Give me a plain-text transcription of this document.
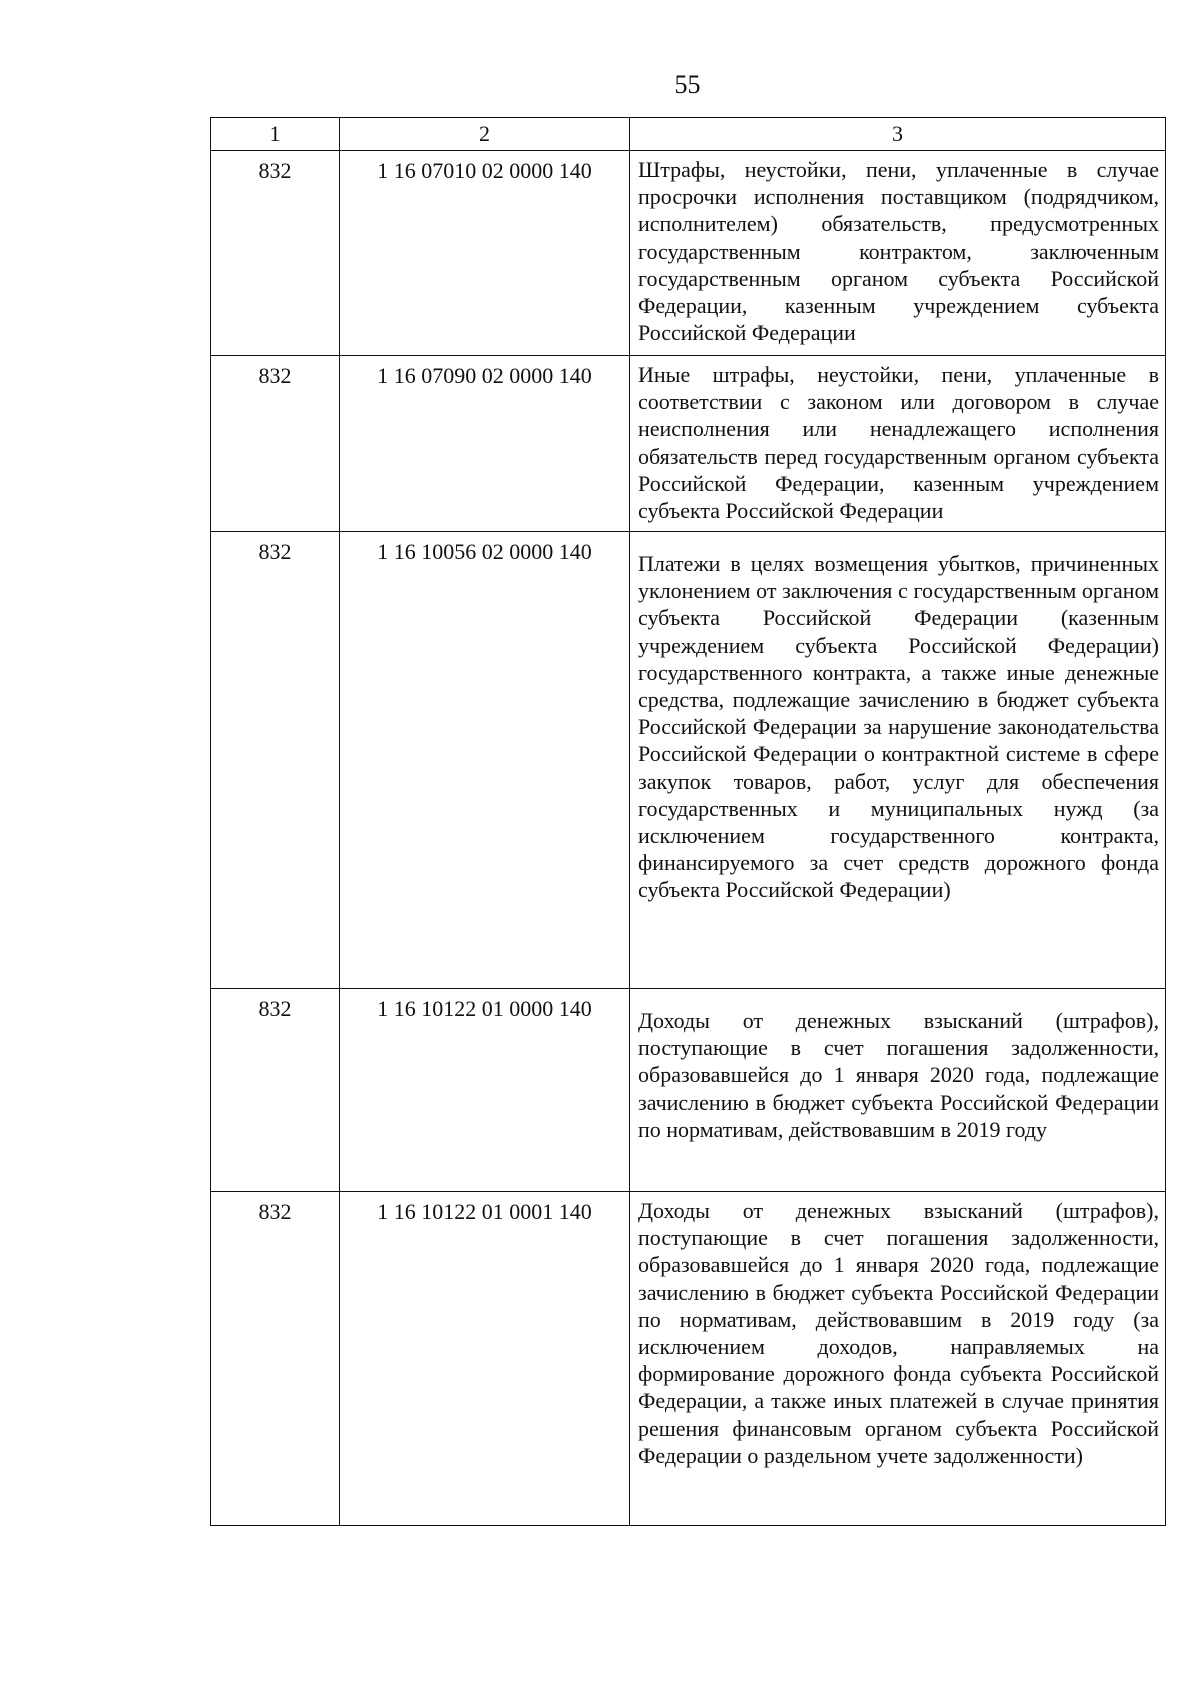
55
1	2	3
832	1 16 07010 02 0000 140	Штрафы, неустойки, пени, уплаченные в случае просрочки исполнения поставщиком (подрядчиком, исполнителем) обязательств, предусмотренных государственным контрактом, заключенным государственным органом субъекта Российской Федерации, казенным учреждением субъекта Российской Федерации
832	1 16 07090 02 0000 140	Иные штрафы, неустойки, пени, уплаченные в соответствии с законом или договором в случае неисполнения или ненадлежащего исполнения обязательств перед государственным органом субъекта Российской Федерации, казенным учреждением субъекта Российской Федерации
832	1 16 10056 02 0000 140	Платежи в целях возмещения убытков, причиненных уклонением от заключения с государственным органом субъекта Российской Федерации (казенным учреждением субъекта Российской Федерации) государственного контракта, а также иные денежные средства, подлежащие зачислению в бюджет субъекта Российской Федерации за нарушение законодательства Российской Федерации о контрактной системе в сфере закупок товаров, работ, услуг для обеспечения государственных и муниципальных нужд (за исключением государственного контракта, финансируемого за счет средств дорожного фонда субъекта Российской Федерации)
832	1 16 10122 01 0000 140	Доходы от денежных взысканий (штрафов), поступающие в счет погашения задолженности, образовавшейся до 1 января 2020 года, подлежащие зачислению в бюджет субъекта Российской Федерации по нормативам, действовавшим в 2019 году
832	1 16 10122 01 0001 140	Доходы от денежных взысканий (штрафов), поступающие в счет погашения задолженности, образовавшейся до 1 января 2020 года, подлежащие зачислению в бюджет субъекта Российской Федерации по нормативам, действовавшим в 2019 году (за исключением доходов, направляемых на формирование дорожного фонда субъекта Российской Федерации, а также иных платежей в случае принятия решения финансовым органом субъекта Российской Федерации о раздельном учете задолженности)
